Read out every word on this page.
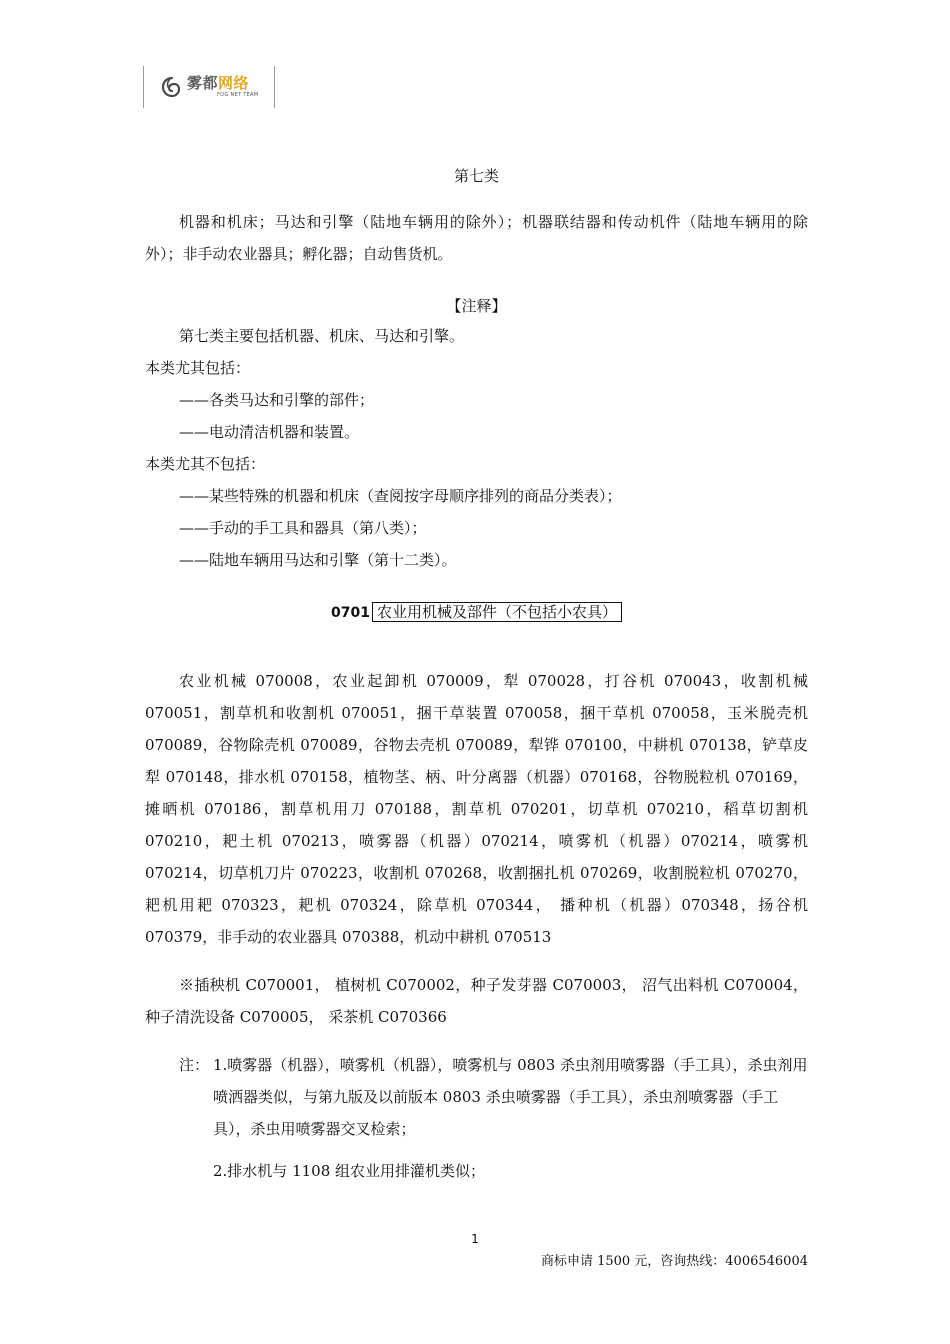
雾都网络
FOG NET TEAM
第七类

机器和机床；马达和引擎（陆地车辆用的除外）；机器联结器和传动机件（陆地车辆用的除外）；非手动农业器具；孵化器；自动售货机。

【注释】

第七类主要包括机器、机床、马达和引擎。

本类尤其包括：

——各类马达和引擎的部件；

——电动清洁机器和装置。

本类尤其不包括：

——某些特殊的机器和机床（查阅按字母顺序排列的商品分类表）；

——手动的手工具和器具（第八类）；

——陆地车辆用马达和引擎（第十二类）。

0701 农业用机械及部件（不包括小农具）

农业机械 070008，农业起卸机 070009，犁 070028，打谷机 070043，收割机械 070051，割草机和收割机 070051，捆干草装置 070058，捆干草机 070058，玉米脱壳机 070089，谷物除壳机 070089，谷物去壳机 070089，犁铧 070100，中耕机 070138，铲草皮犁 070148，排水机 070158，植物茎、柄、叶分离器（机器）070168，谷物脱粒机 070169，摊晒机 070186，割草机用刀 070188，割草机 070201，切草机 070210，稻草切割机 070210，耙土机 070213，喷雾器（机器）070214，喷雾机（机器）070214，喷雾机 070214，切草机刀片 070223，收割机 070268，收割捆扎机 070269，收割脱粒机 070270，耙机用耙 070323，耙机 070324，除草机 070344， 播种机（机器）070348，扬谷机 070379，非手动的农业器具 070388，机动中耕机 070513

※插秧机 C070001， 植树机 C070002，种子发芽器 C070003， 沼气出料机 C070004， 种子清洗设备 C070005， 采茶机 C070366

注： 1.喷雾器（机器），喷雾机（机器），喷雾机与 0803 杀虫剂用喷雾器（手工具），杀虫剂用喷洒器类似，与第九版及以前版本 0803 杀虫喷雾器（手工具），杀虫剂喷雾器（手工具），杀虫用喷雾器交叉检索；
2.排水机与 1108 组农业用排灌机类似；
1
商标申请 1500 元，咨询热线：4006546004
